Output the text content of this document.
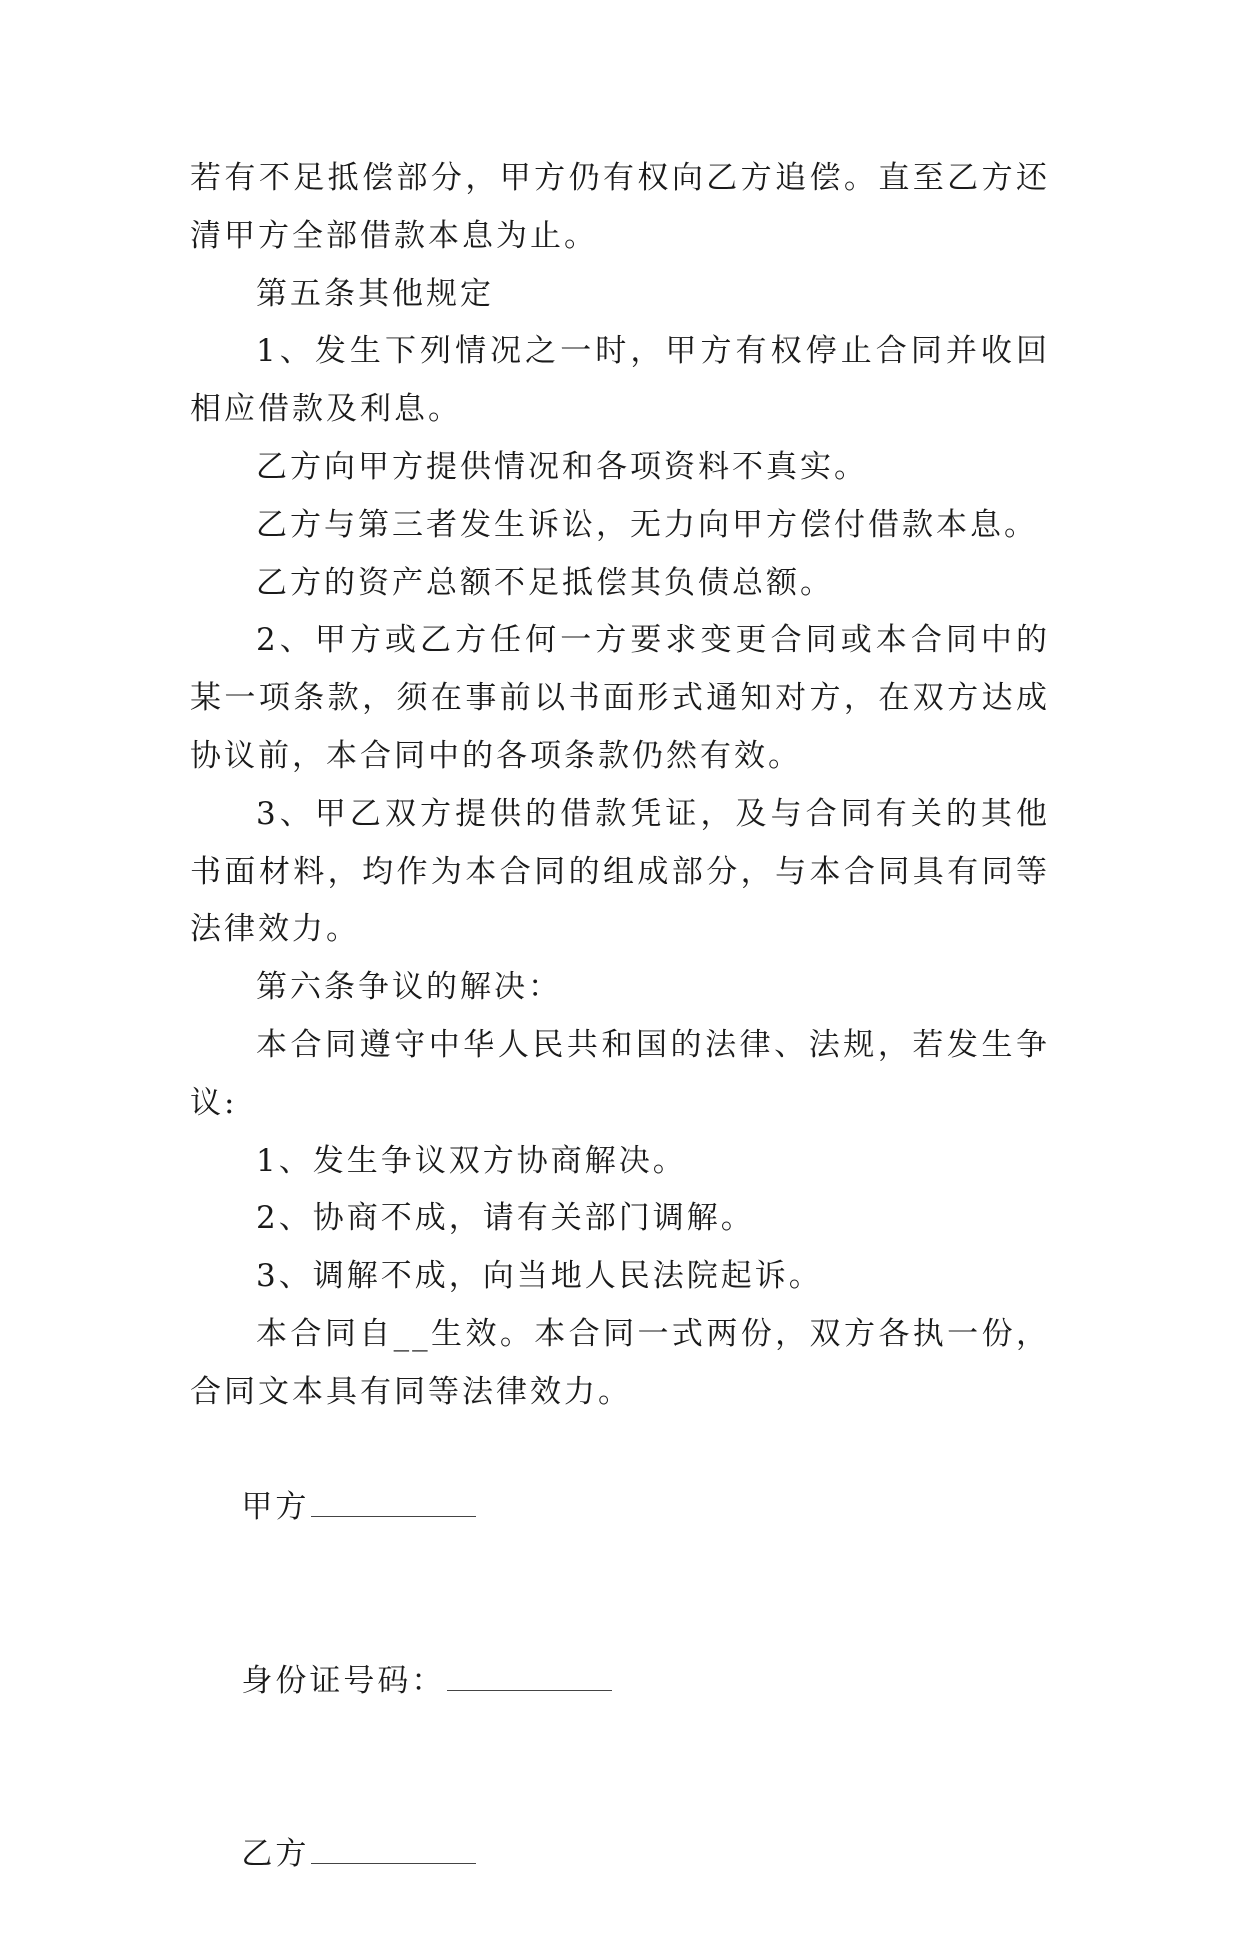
若有不足抵偿部分，甲方仍有权向乙方追偿。直至乙方还清甲方全部借款本息为止。

第五条其他规定

1、发生下列情况之一时，甲方有权停止合同并收回相应借款及利息。

乙方向甲方提供情况和各项资料不真实。

乙方与第三者发生诉讼，无力向甲方偿付借款本息。

乙方的资产总额不足抵偿其负债总额。

2、甲方或乙方任何一方要求变更合同或本合同中的某一项条款，须在事前以书面形式通知对方，在双方达成协议前，本合同中的各项条款仍然有效。

3、甲乙双方提供的借款凭证，及与合同有关的其他书面材料，均作为本合同的组成部分，与本合同具有同等法律效力。

第六条争议的解决：

本合同遵守中华人民共和国的法律、法规，若发生争议:

1、发生争议双方协商解决。

2、协商不成，请有关部门调解。

3、调解不成，向当地人民法院起诉。

本合同自__生效。本合同一式两份，双方各执一份，合同文本具有同等法律效力。

甲方

身份证号码：

乙方
